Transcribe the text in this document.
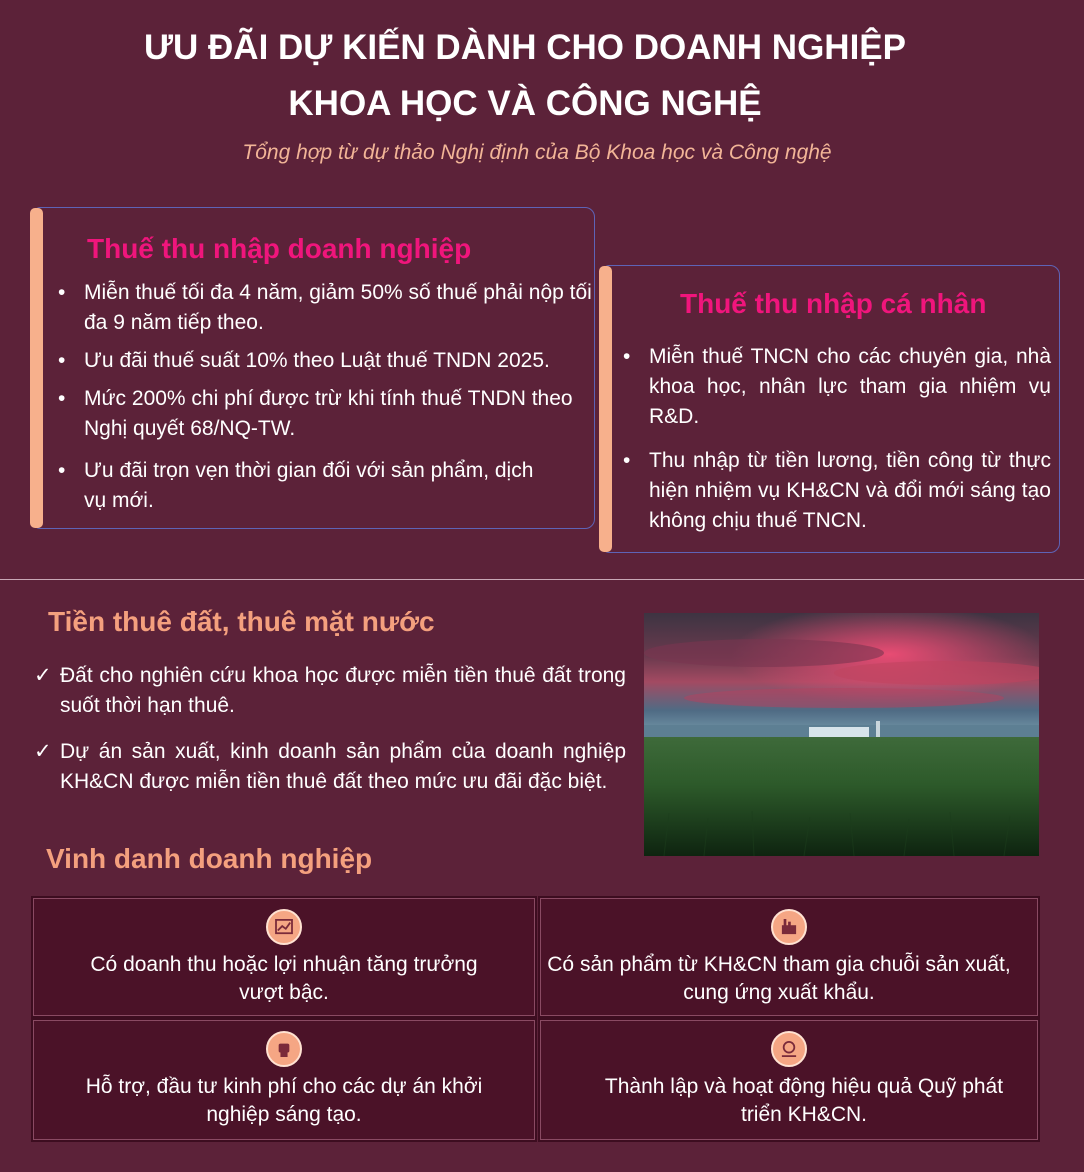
ƯU ĐÃI DỰ KIẾN DÀNH CHO DOANH NGHIỆP
KHOA HỌC VÀ CÔNG NGHỆ
Tổng hợp từ dự thảo Nghị định của Bộ Khoa học và Công nghệ
Thuế thu nhập doanh nghiệp
• Miễn thuế tối đa 4 năm, giảm 50% số thuế phải nộp tối đa 9 năm tiếp theo.
• Ưu đãi thuế suất 10% theo Luật thuế TNDN 2025.
• Mức 200% chi phí được trừ khi tính thuế TNDN theo Nghị quyết 68/NQ-TW.
• Ưu đãi trọn vẹn thời gian đối với sản phẩm, dịch vụ mới.
Thuế thu nhập cá nhân
• Miễn thuế TNCN cho các chuyên gia, nhà khoa học, nhân lực tham gia nhiệm vụ R&D.
• Thu nhập từ tiền lương, tiền công từ thực hiện nhiệm vụ KH&CN và đổi mới sáng tạo không chịu thuế TNCN.
Tiền thuê đất, thuê mặt nước
✓ Đất cho nghiên cứu khoa học được miễn tiền thuê đất trong suốt thời hạn thuê.
✓ Dự án sản xuất, kinh doanh sản phẩm của doanh nghiệp KH&CN được miễn tiền thuê đất theo mức ưu đãi đặc biệt.
Vinh danh doanh nghiệp
Có doanh thu hoặc lợi nhuận tăng trưởng vượt bậc.
Có sản phẩm từ KH&CN tham gia chuỗi sản xuất, cung ứng xuất khẩu.
Hỗ trợ, đầu tư kinh phí cho các dự án khởi nghiệp sáng tạo.
Thành lập và hoạt động hiệu quả Quỹ phát triển KH&CN.
